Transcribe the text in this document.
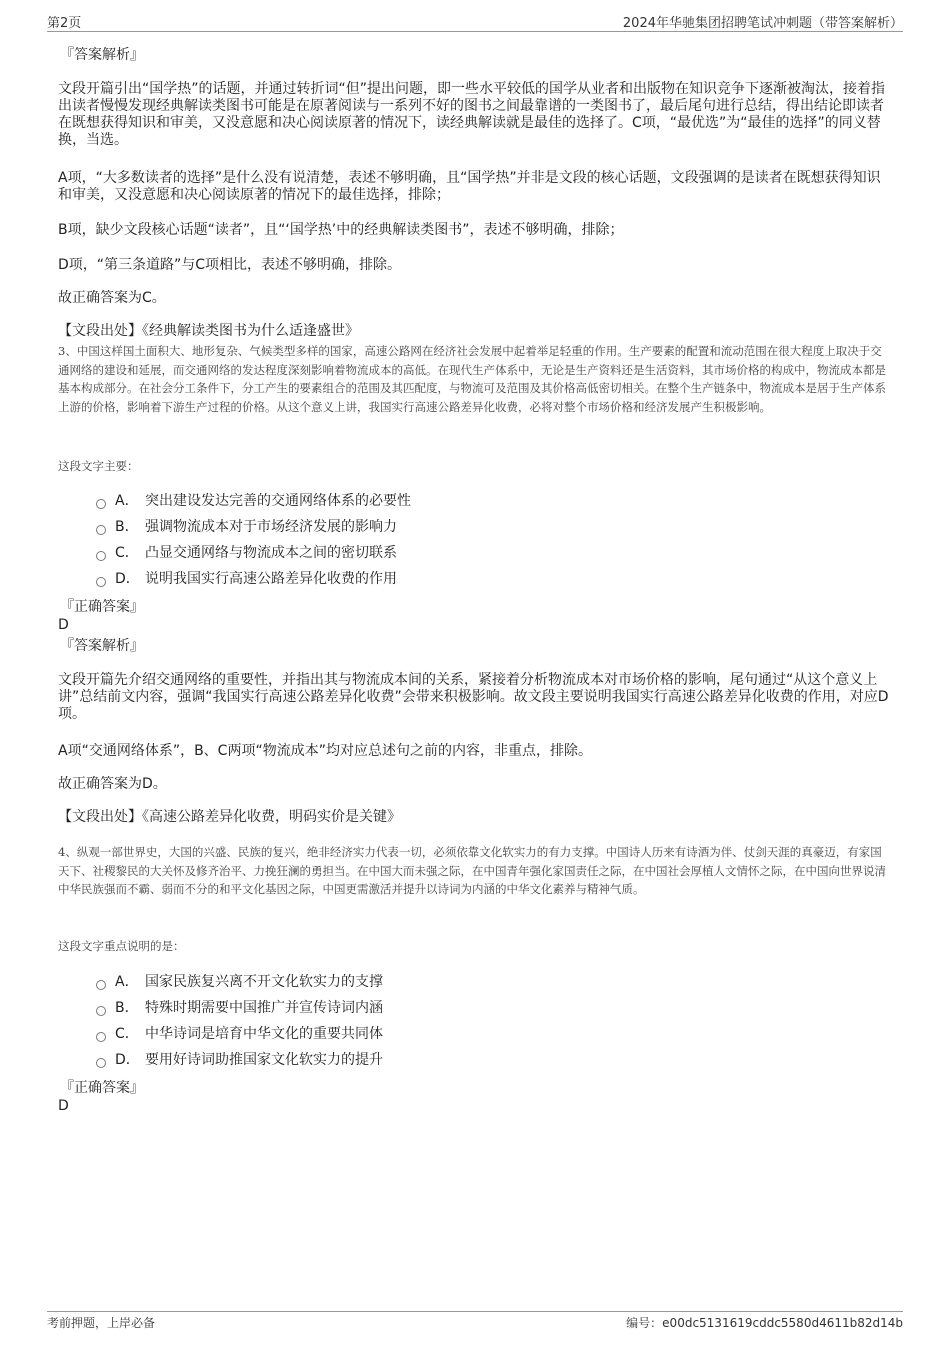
第2页	2024年华驰集团招聘笔试冲刺题（带答案解析）
『答案解析』
文段开篇引出“国学热”的话题，并通过转折词“但”提出问题，即一些水平较低的国学从业者和出版物在知识竞争下逐渐被淘汰，接着指出读者慢慢发现经典解读类图书可能是在原著阅读与一系列不好的图书之间最靠谱的一类图书了，最后尾句进行总结，得出结论即读者在既想获得知识和审美，又没意愿和决心阅读原著的情况下，读经典解读就是最佳的选择了。C项，“最优选”为“最佳的选择”的同义替换，当选。
A项，“大多数读者的选择”是什么没有说清楚，表述不够明确，且“国学热”并非是文段的核心话题，文段强调的是读者在既想获得知识和审美，又没意愿和决心阅读原著的情况下的最佳选择，排除；
B项，缺少文段核心话题“读者”，且“‘国学热’中的经典解读类图书”，表述不够明确，排除；
D项，“第三条道路”与C项相比，表述不够明确，排除。
故正确答案为C。
【文段出处】《经典解读类图书为什么适逢盛世》
3、中国这样国土面积大、地形复杂、气候类型多样的国家，高速公路网在经济社会发展中起着举足轻重的作用。生产要素的配置和流动范围在很大程度上取决于交通网络的建设和延展，而交通网络的发达程度深刻影响着物流成本的高低。在现代生产体系中，无论是生产资料还是生活资料，其市场价格的构成中，物流成本都是基本构成部分。在社会分工条件下，分工产生的要素组合的范围及其匹配度，与物流可及范围及其价格高低密切相关。在整个生产链条中，物流成本是居于生产体系上游的价格，影响着下游生产过程的价格。从这个意义上讲，我国实行高速公路差异化收费，必将对整个市场价格和经济发展产生积极影响。
这段文字主要：
A． 突出建设发达完善的交通网络体系的必要性
B． 强调物流成本对于市场经济发展的影响力
C． 凸显交通网络与物流成本之间的密切联系
D． 说明我国实行高速公路差异化收费的作用
『正确答案』
D
『答案解析』
文段开篇先介绍交通网络的重要性，并指出其与物流成本间的关系，紧接着分析物流成本对市场价格的影响，尾句通过“从这个意义上讲”总结前文内容，强调“我国实行高速公路差异化收费”会带来积极影响。故文段主要说明我国实行高速公路差异化收费的作用，对应D项。
A项“交通网络体系”，B、C两项“物流成本”均对应总述句之前的内容，非重点，排除。
故正确答案为D。
【文段出处】《高速公路差异化收费，明码实价是关键》
4、纵观一部世界史，大国的兴盛、民族的复兴，绝非经济实力代表一切，必须依靠文化软实力的有力支撑。中国诗人历来有诗酒为伴、仗剑天涯的真豪迈，有家国天下、社稷黎民的大关怀及修齐治平、力挽狂澜的勇担当。在中国大而未强之际，在中国青年强化家国责任之际，在中国社会厚植人文情怀之际，在中国向世界说清中华民族强而不霸、弱而不分的和平文化基因之际，中国更需激活并提升以诗词为内涵的中华文化素养与精神气质。
这段文字重点说明的是：
A． 国家民族复兴离不开文化软实力的支撑
B． 特殊时期需要中国推广并宣传诗词内涵
C． 中华诗词是培育中华文化的重要共同体
D． 要用好诗词助推国家文化软实力的提升
『正确答案』
D
考前押题，上岸必备	编号：e00dc5131619cddc5580d4611b82d14b
